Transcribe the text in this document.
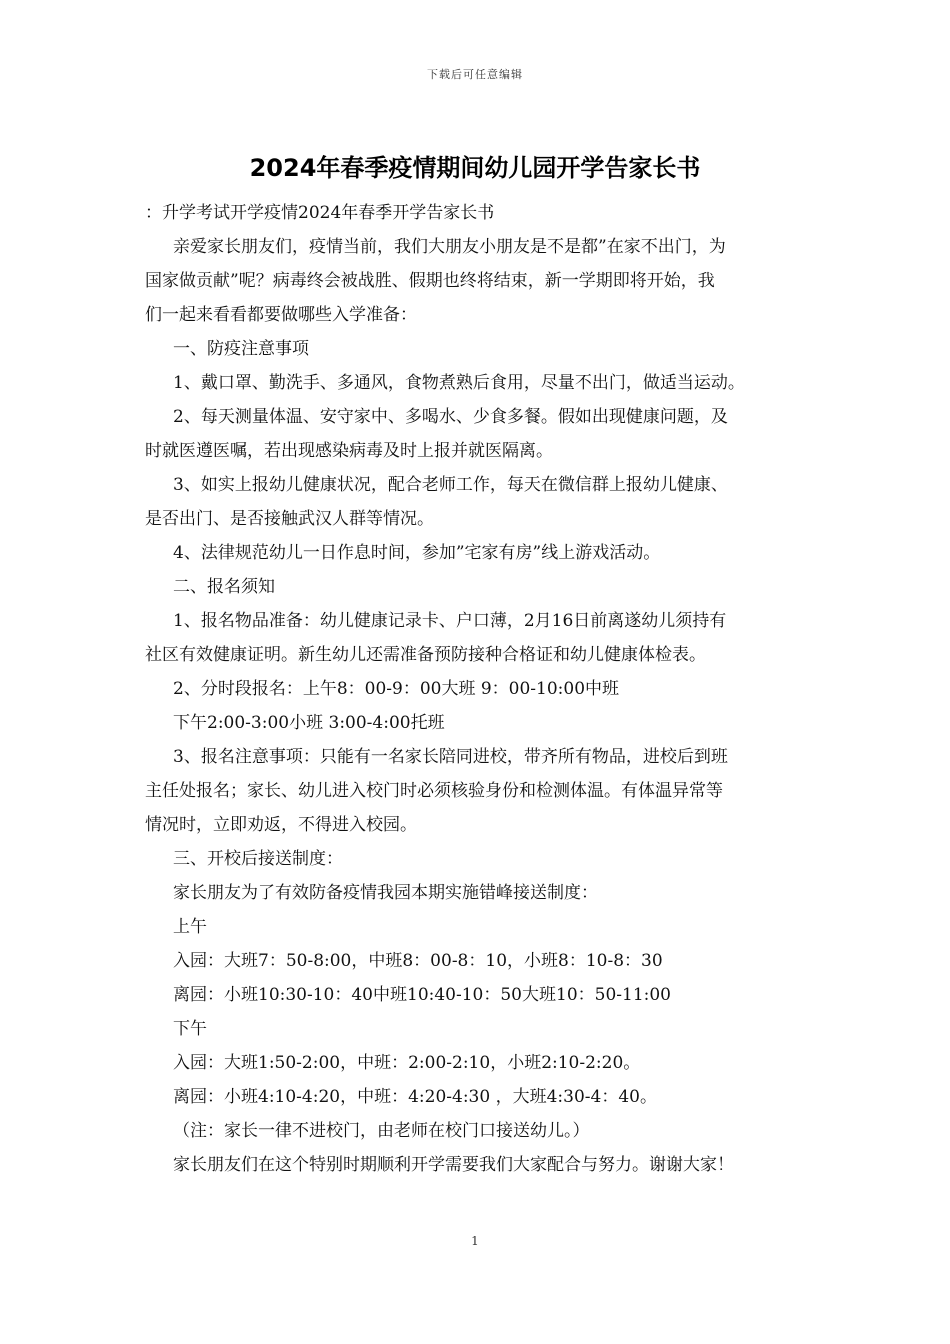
下载后可任意编辑
2024年春季疫情期间幼儿园开学告家长书
：升学考试开学疫情2024年春季开学告家长书
亲爱家长朋友们，疫情当前，我们大朋友小朋友是不是都”在家不出门，为
国家做贡献”呢？病毒终会被战胜、假期也终将结束，新一学期即将开始，我
们一起来看看都要做哪些入学准备：
一、防疫注意事项
1、戴口罩、勤洗手、多通风，食物煮熟后食用，尽量不出门，做适当运动。
2、每天测量体温、安守家中、多喝水、少食多餐。假如出现健康问题，及
时就医遵医嘱，若出现感染病毒及时上报并就医隔离。
3、如实上报幼儿健康状况，配合老师工作，每天在微信群上报幼儿健康、
是否出门、是否接触武汉人群等情况。
4、法律规范幼儿一日作息时间，参加”宅家有房”线上游戏活动。
二、报名须知
1、报名物品准备：幼儿健康记录卡、户口薄，2月16日前离遂幼儿须持有
社区有效健康证明。新生幼儿还需准备预防接种合格证和幼儿健康体检表。
2、分时段报名：上午8：00-9：00大班 9：00-10:00中班
下午2:00-3:00小班 3:00-4:00托班
3、报名注意事项：只能有一名家长陪同进校，带齐所有物品，进校后到班
主任处报名；家长、幼儿进入校门时必须核验身份和检测体温。有体温异常等
情况时，立即劝返，不得进入校园。
三、开校后接送制度：
家长朋友为了有效防备疫情我园本期实施错峰接送制度：
上午
入园：大班7：50-8:00，中班8：00-8：10，小班8：10-8：30
离园：小班10:30-10：40中班10:40-10：50大班10：50-11:00
下午
入园：大班1:50-2:00，中班：2:00-2:10，小班2:10-2:20。
离园：小班4:10-4:20，中班：4:20-4:30 ，大班4:30-4：40。
（注：家长一律不进校门，由老师在校门口接送幼儿。）
家长朋友们在这个特别时期顺利开学需要我们大家配合与努力。谢谢大家！
1
